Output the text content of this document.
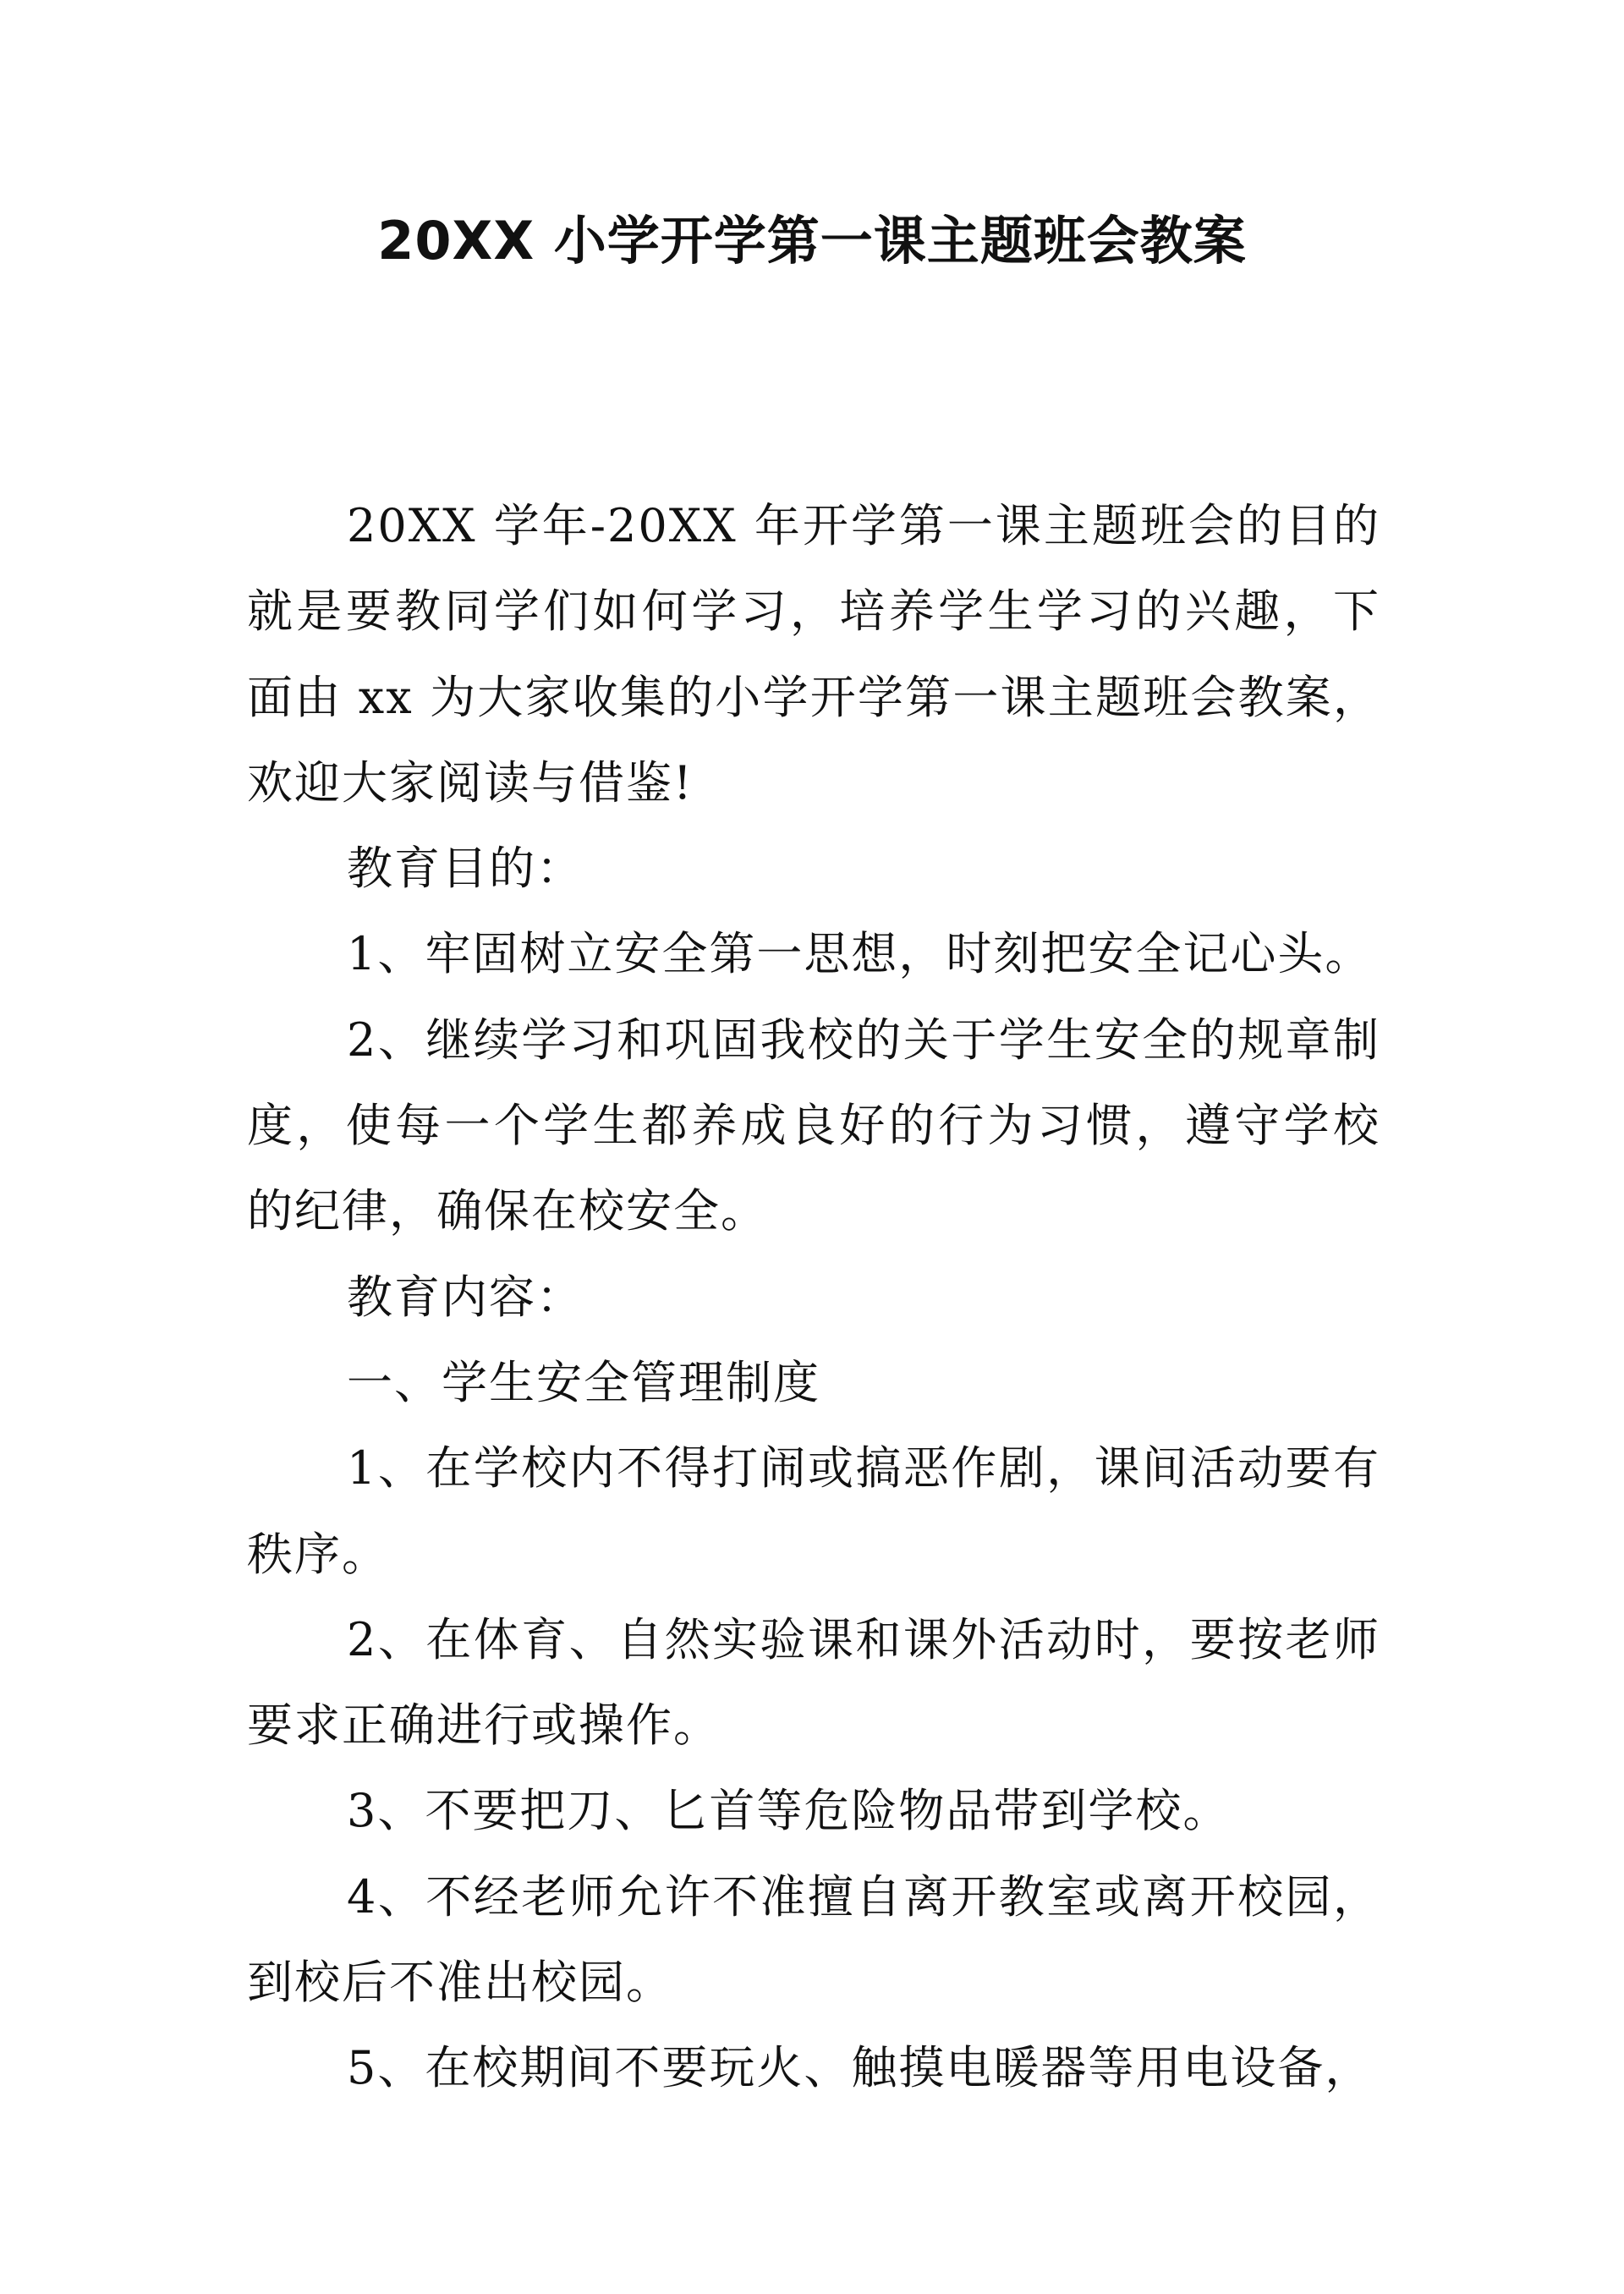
20XX 小学开学第一课主题班会教案

20XX 学年-20XX 年开学第一课主题班会的目的就是要教同学们如何学习，培养学生学习的兴趣，下面由 xx 为大家收集的小学开学第一课主题班会教案，欢迎大家阅读与借鉴!

教育目的：

1、牢固树立安全第一思想，时刻把安全记心头。

2、继续学习和巩固我校的关于学生安全的规章制度，使每一个学生都养成良好的行为习惯，遵守学校的纪律，确保在校安全。

教育内容：

一、学生安全管理制度

1、在学校内不得打闹或搞恶作剧，课间活动要有秩序。

2、在体育、自然实验课和课外活动时，要按老师要求正确进行或操作。

3、不要把刀、匕首等危险物品带到学校。

4、不经老师允许不准擅自离开教室或离开校园，到校后不准出校园。

5、在校期间不要玩火、触摸电暖器等用电设备，
